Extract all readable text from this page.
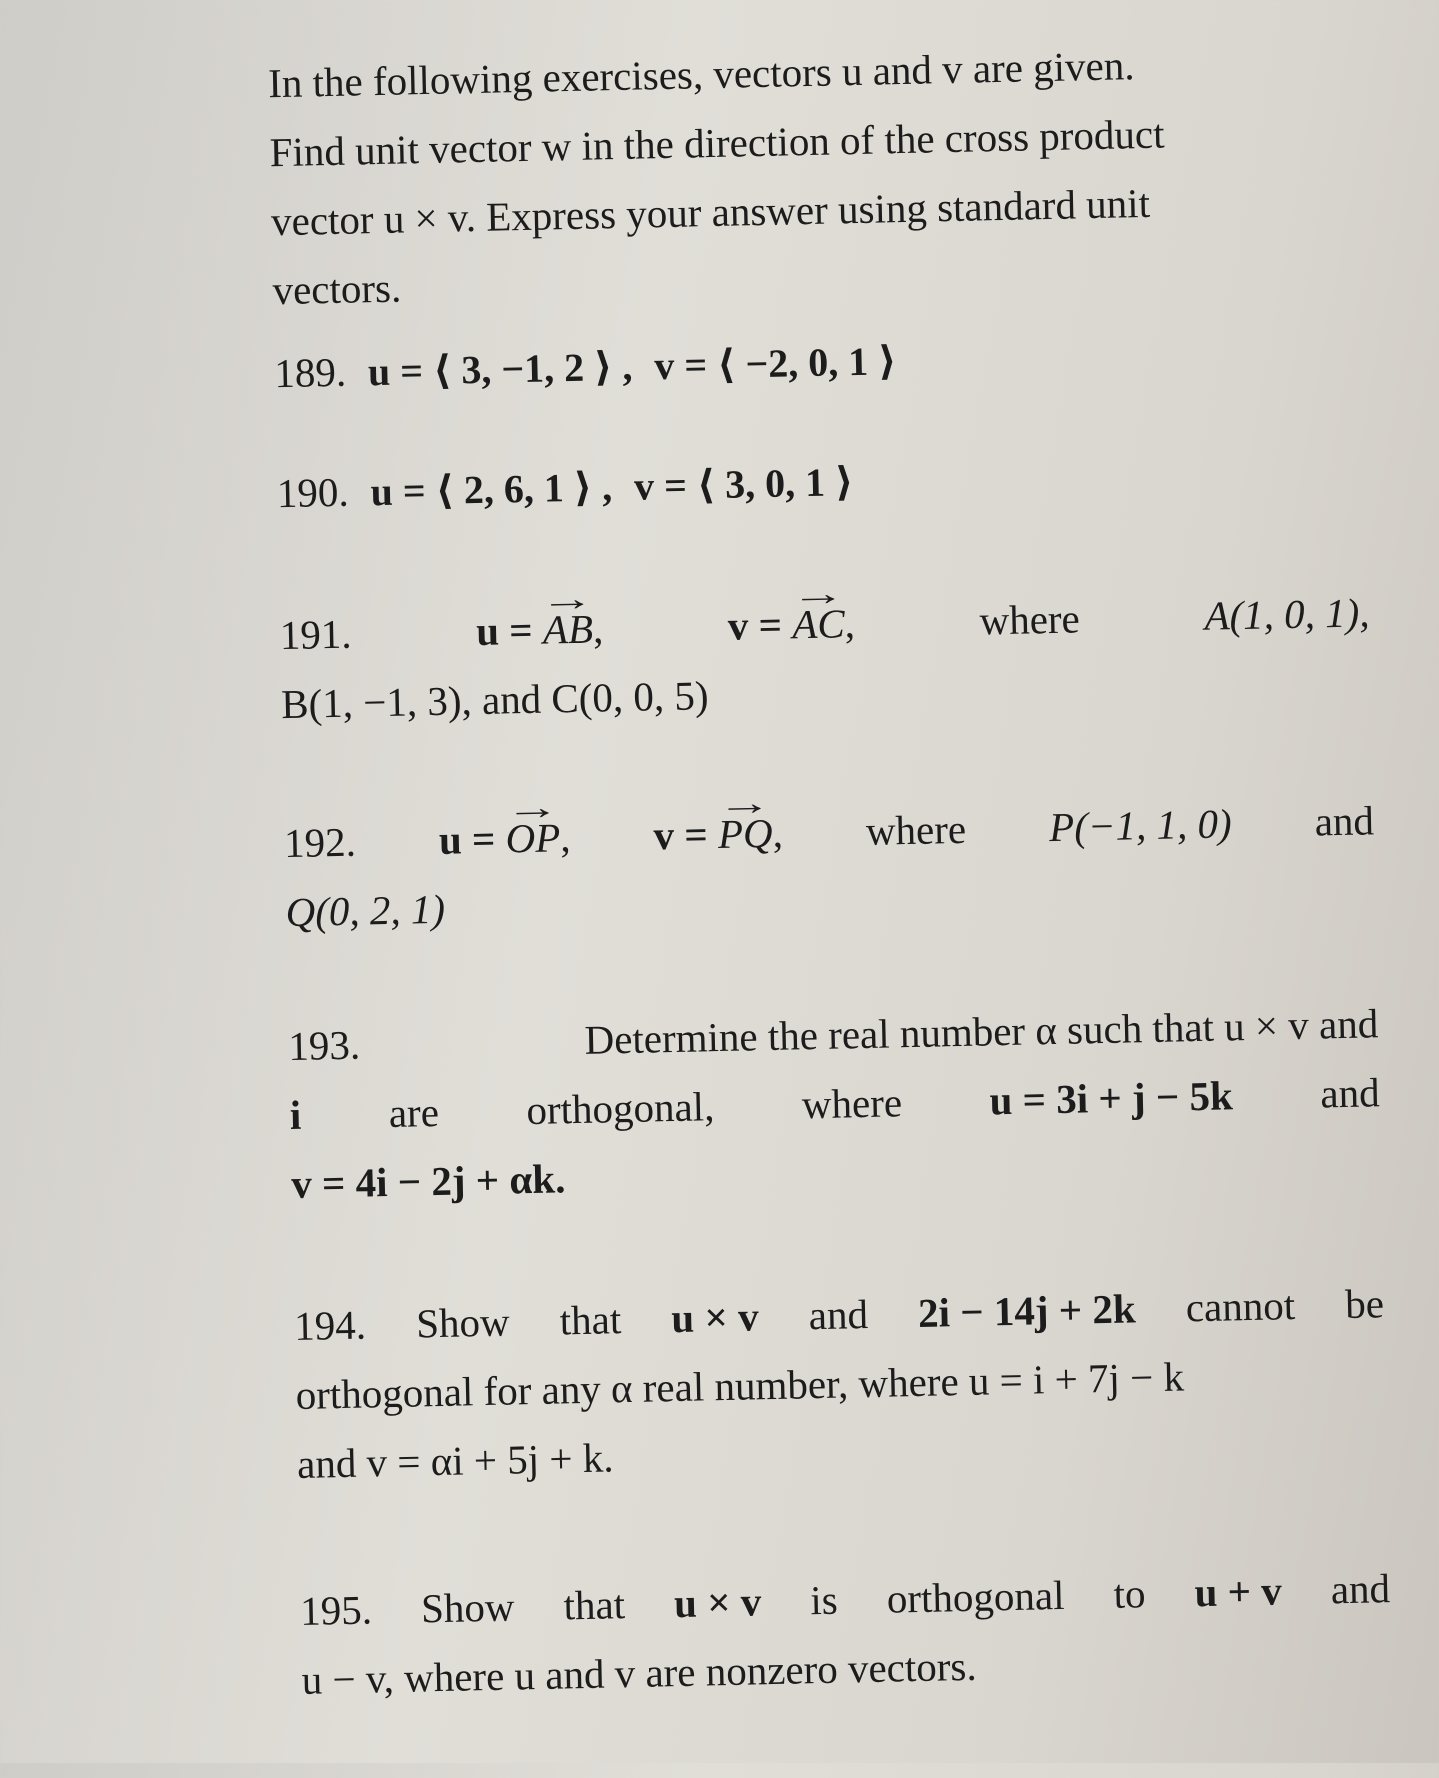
In the following exercises, vectors u and v are given.
Find unit vector w in the direction of the cross product
vector u × v. Express your answer using standard unit
vectors.
189. u = ⟨ 3, −1, 2 ⟩ , v = ⟨ −2, 0, 1 ⟩
190. u = ⟨ 2, 6, 1 ⟩ , v = ⟨ 3, 0, 1 ⟩
191.	u = → AB,	v = → AC,	where	A(1, 0, 1),
B(1, −1, 3), and C(0, 0, 5)
192. u = → OP, v = → PQ, where P(−1, 1, 0) and
Q(0, 2, 1)
193.	Determine the real number α such that u × v and
i are orthogonal, where u = 3i + j − 5k and
v = 4i − 2j + αk.
194. Show that u × v and 2i − 14j + 2k cannot be
orthogonal for any α real number, where u = i + 7j − k
and v = αi + 5j + k.
195. Show that u × v is orthogonal to u + v and
u − v, where u and v are nonzero vectors.
